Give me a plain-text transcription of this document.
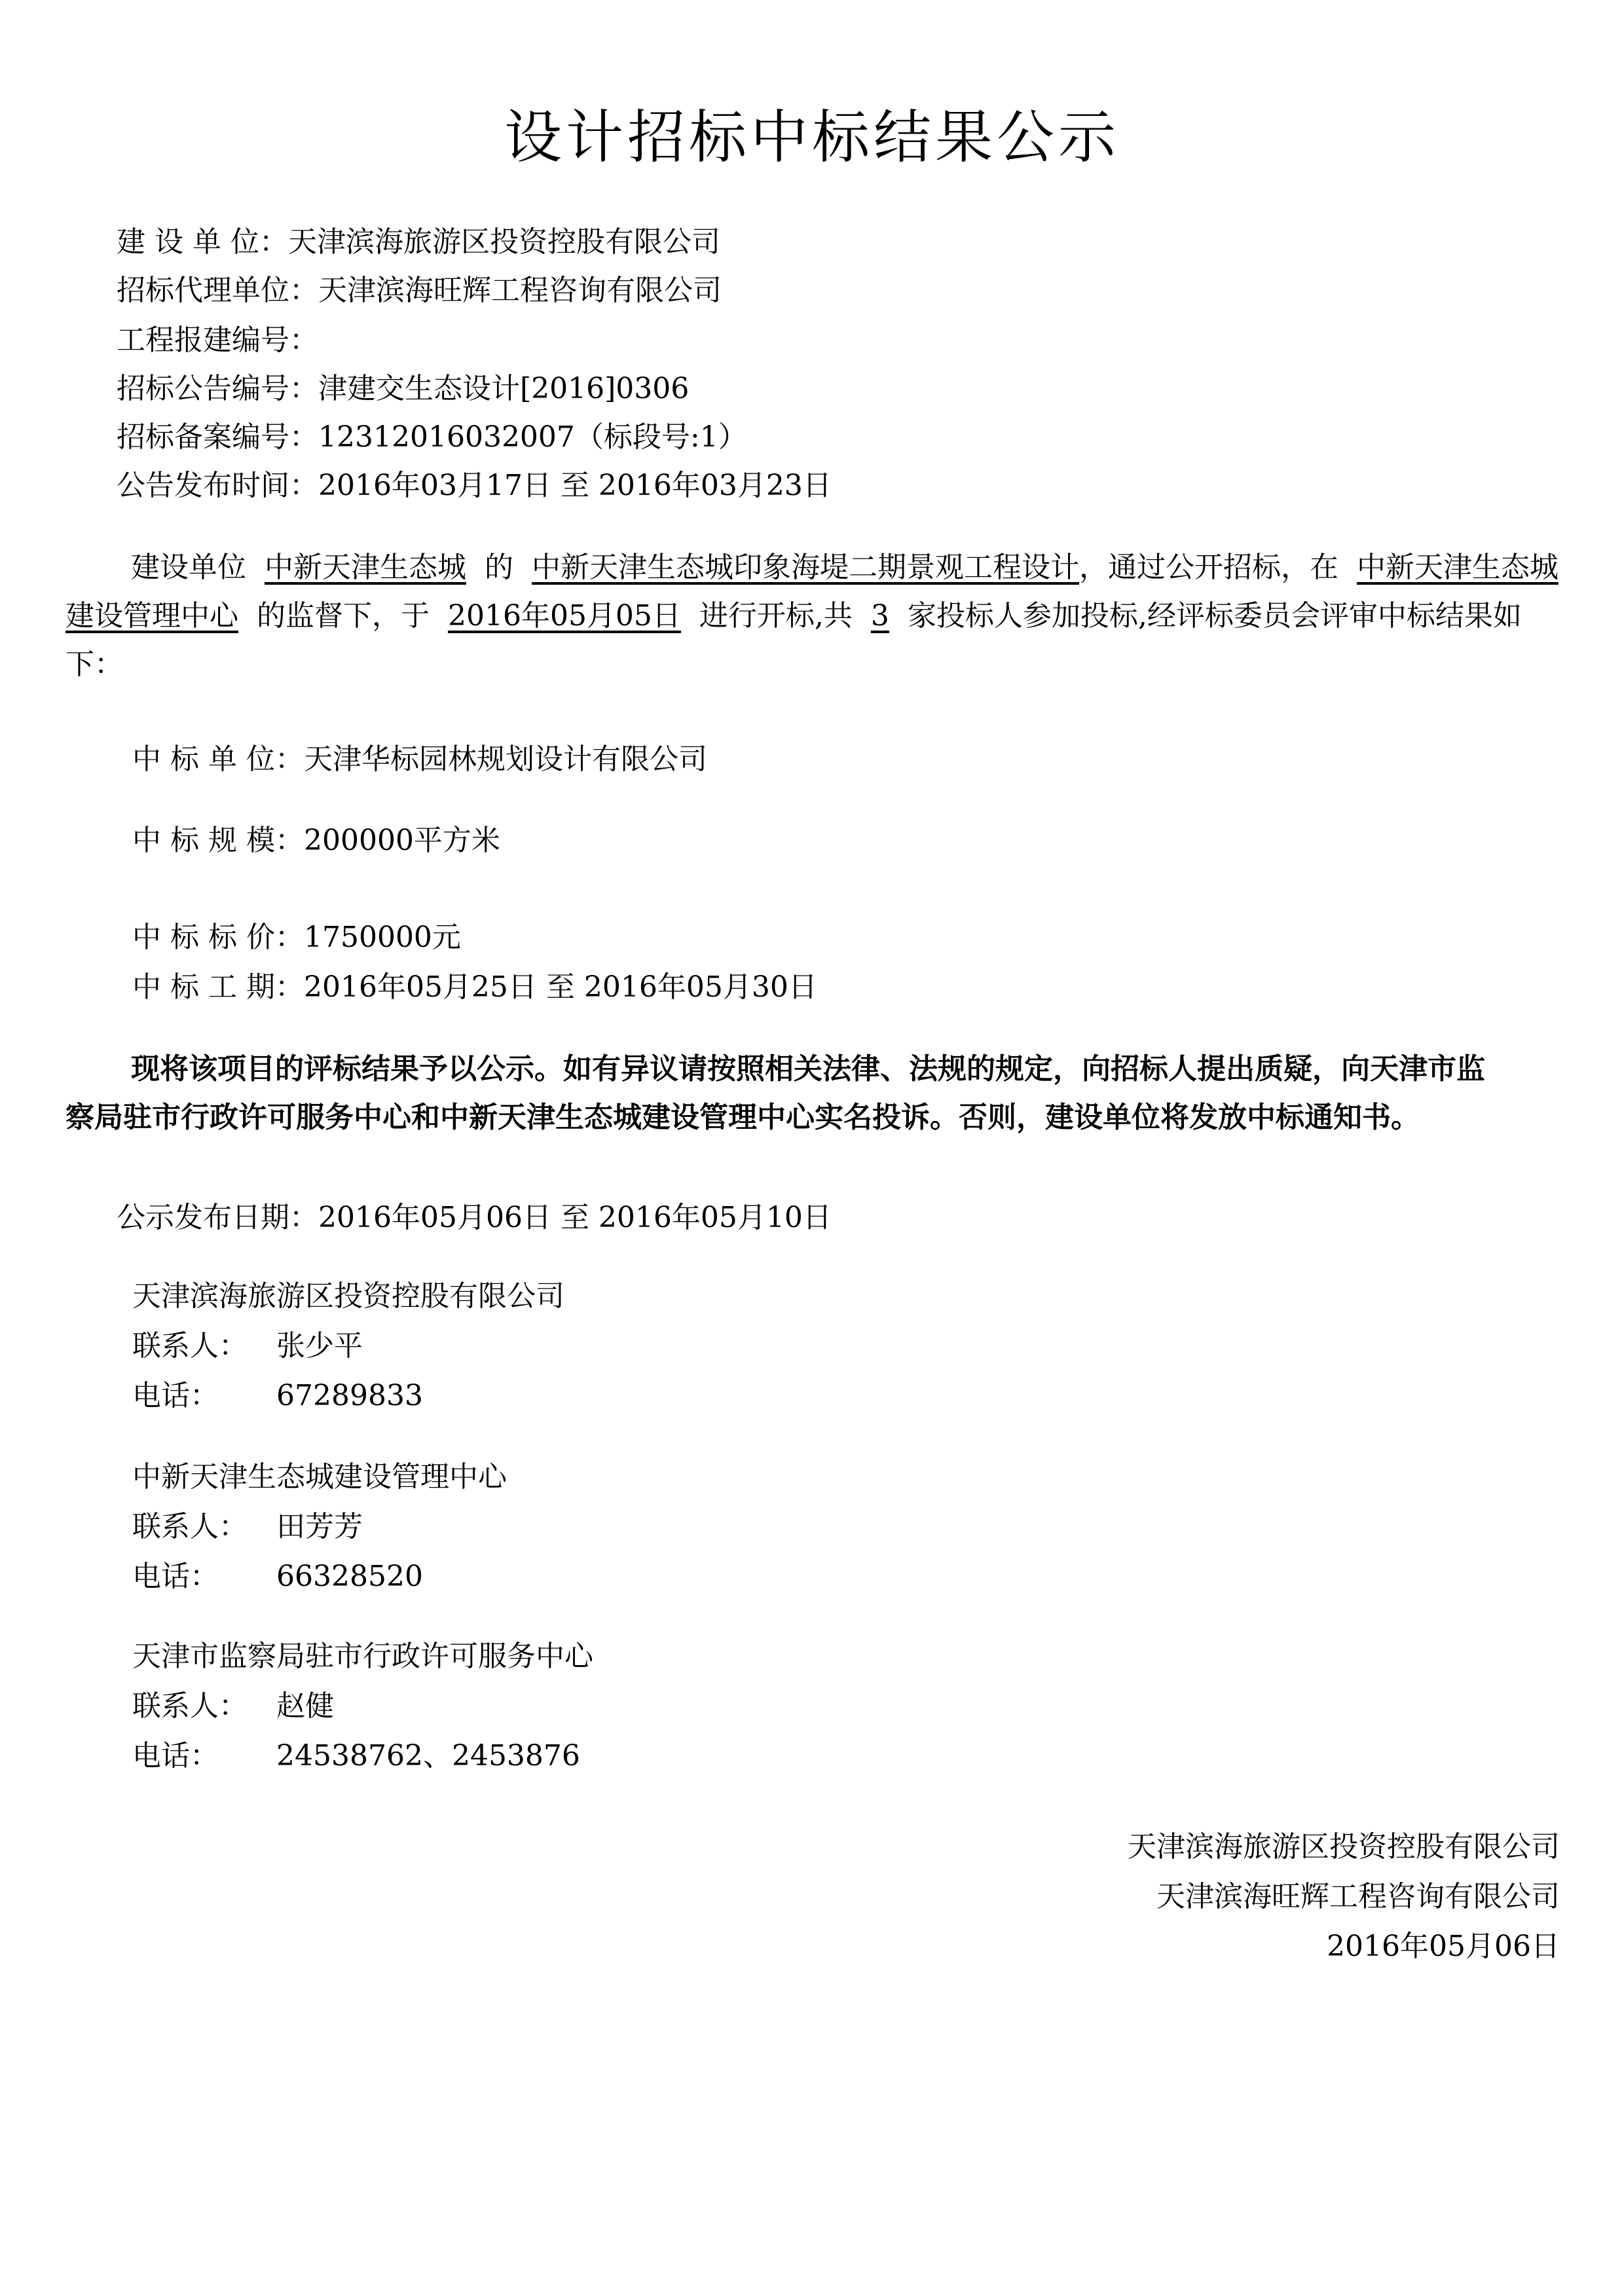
设计招标中标结果公示
建 设 单 位：天津滨海旅游区投资控股有限公司
招标代理单位：天津滨海旺辉工程咨询有限公司
工程报建编号：
招标公告编号：津建交生态设计[2016]0306
招标备案编号：12312016032007（标段号:1）
公告发布时间：2016年03月17日 至 2016年03月23日
建设单位 中新天津生态城 的 中新天津生态城印象海堤二期景观工程设计，通过公开招标，在 中新天津生态城建设管理中心 的监督下，于 2016年05月05日 进行开标,共 3 家投标人参加投标,经评标委员会评审中标结果如下：
中 标 单 位：天津华标园林规划设计有限公司
中 标 规 模：200000平方米
中 标 标 价：1750000元
中 标 工 期：2016年05月25日 至 2016年05月30日
现将该项目的评标结果予以公示。如有异议请按照相关法律、法规的规定，向招标人提出质疑，向天津市监察局驻市行政许可服务中心和中新天津生态城建设管理中心实名投诉。否则，建设单位将发放中标通知书。
公示发布日期：2016年05月06日 至 2016年05月10日
天津滨海旅游区投资控股有限公司
联系人： 张少平
电话： 67289833
中新天津生态城建设管理中心
联系人： 田芳芳
电话： 66328520
天津市监察局驻市行政许可服务中心
联系人： 赵健
电话： 24538762、2453876
天津滨海旅游区投资控股有限公司
天津滨海旺辉工程咨询有限公司
2016年05月06日
